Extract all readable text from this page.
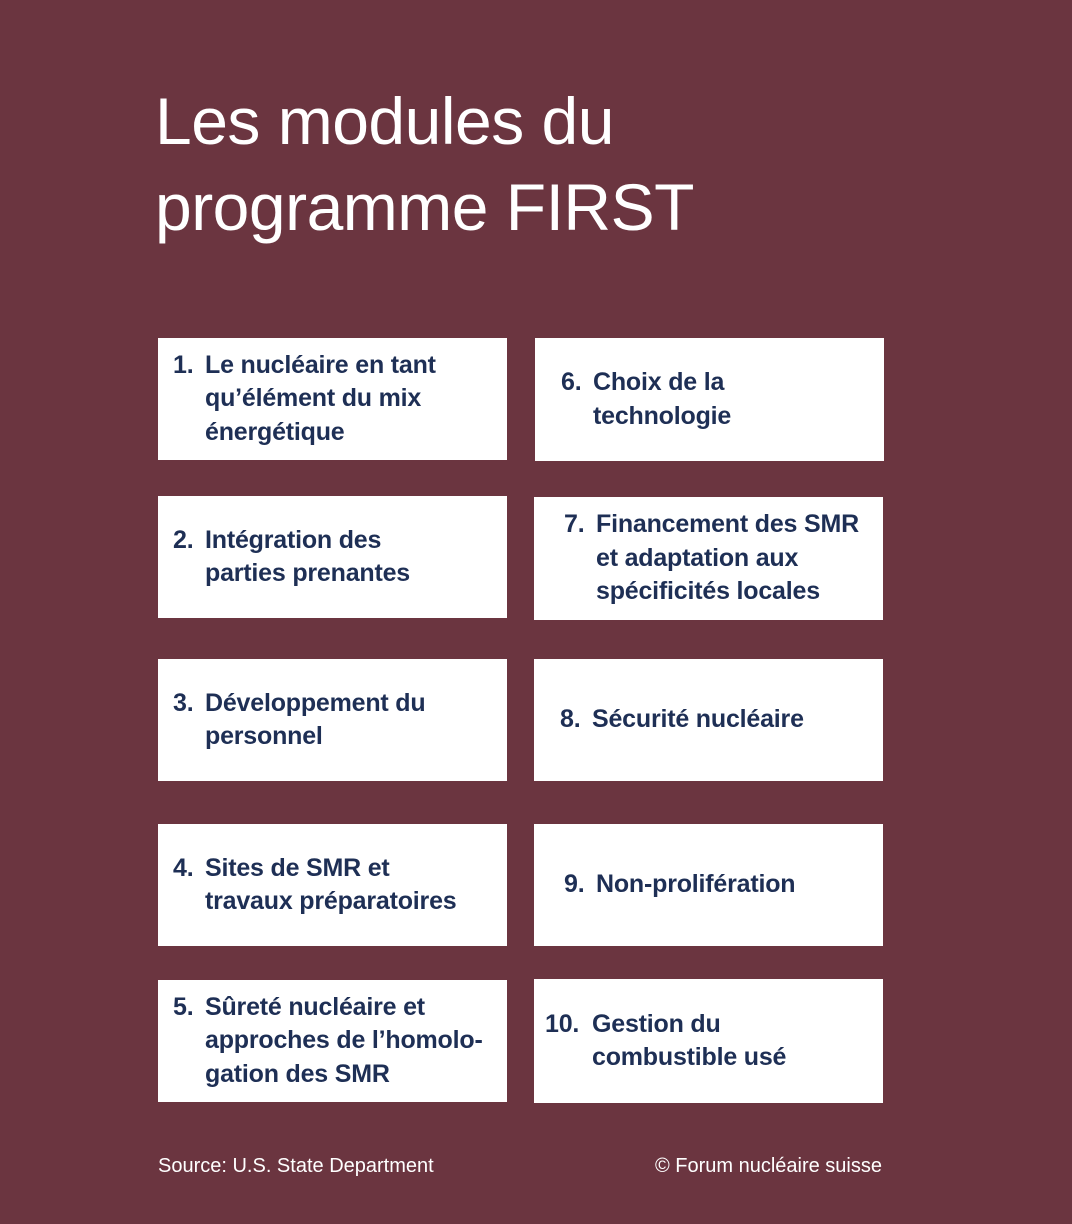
Les modules du
programme FIRST
1. Le nucléaire en tant
qu’élément du mix
énergétique
2. Intégration des
parties prenantes
3. Développement du
personnel
4. Sites de SMR et
travaux préparatoires
5. Sûreté nucléaire et
approches de l’homolo-
gation des SMR
6. Choix de la
technologie
7. Financement des SMR
et adaptation aux
spécificités locales
8. Sécurité nucléaire
9. Non-prolifération
10. Gestion du
combustible usé
Source: U.S. State Department	© Forum nucléaire suisse
